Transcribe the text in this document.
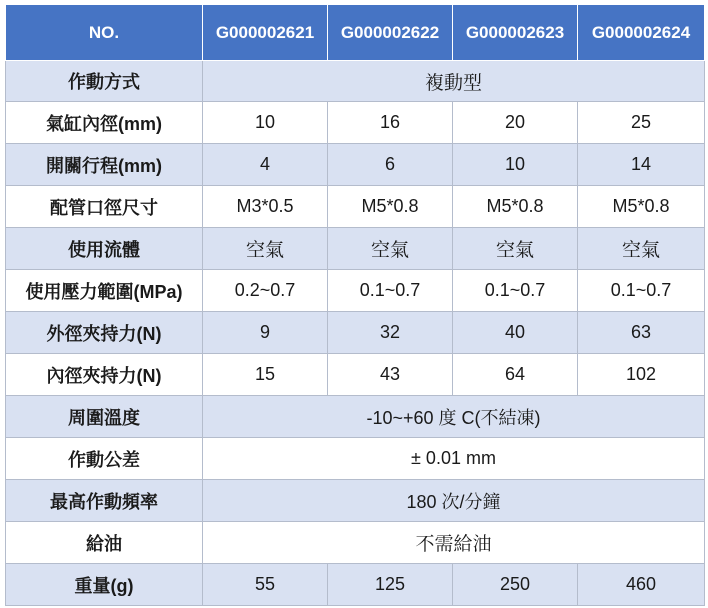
NO.	G000002621	G000002622	G000002623	G000002624
作動方式	複動型			
氣缸內徑(mm)	10	16	20	25
開關行程(mm)	4	6	10	14
配管口徑尺寸	M3*0.5	M5*0.8	M5*0.8	M5*0.8
使用流體	空氣	空氣	空氣	空氣
使用壓力範圍(MPa)	0.2~0.7	0.1~0.7	0.1~0.7	0.1~0.7
外徑夾持力(N)	9	32	40	63
內徑夾持力(N)	15	43	64	102
周圍溫度	-10~+60 度 C(不結凍)			
作動公差	± 0.01 mm			
最高作動頻率	180 次/分鐘			
給油	不需給油			
重量(g)	55	125	250	460
